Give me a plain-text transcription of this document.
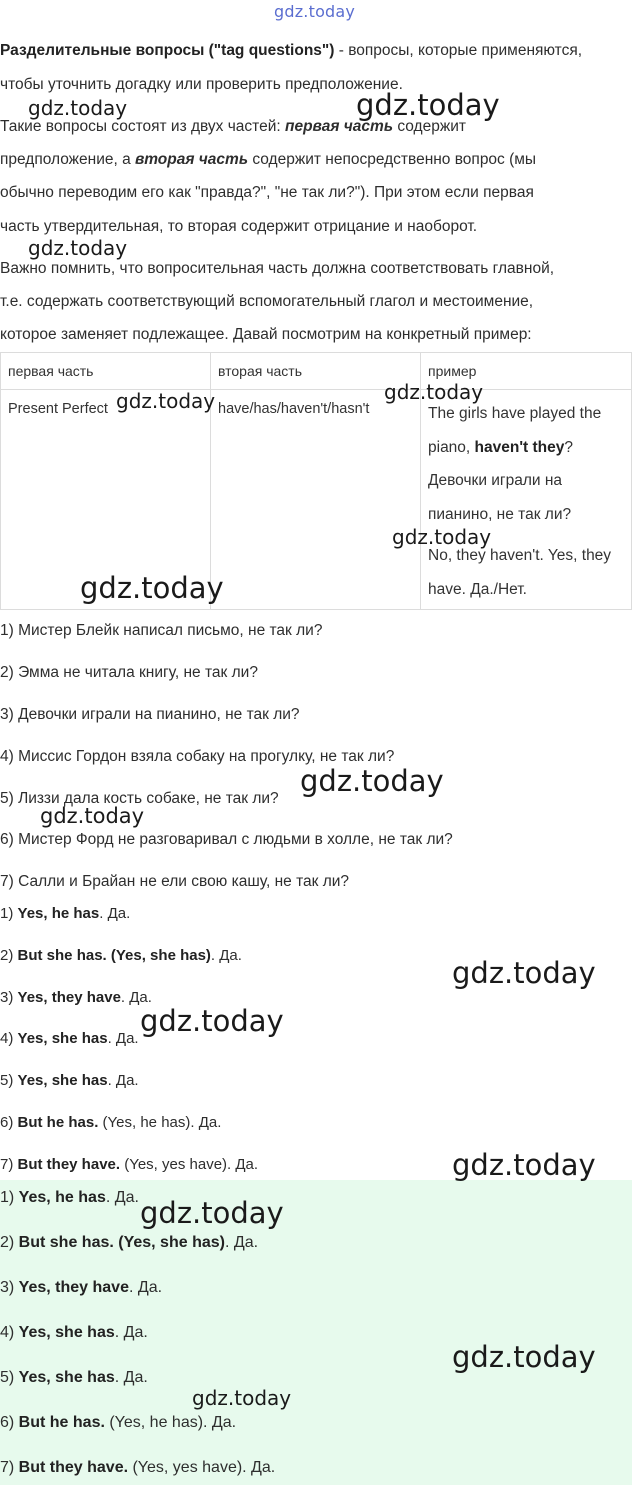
gdz.today
Разделительные вопросы ("tag questions") - вопросы, которые применяются,
чтобы уточнить догадку или проверить предположение.
Такие вопросы состоят из двух частей: первая часть содержит
предположение, а вторая часть содержит непосредственно вопрос (мы
обычно переводим его как "правда?", "не так ли?"). При этом если первая
часть утвердительная, то вторая содержит отрицание и наоборот.
Важно помнить, что вопросительная часть должна соответствовать главной,
т.е. содержать соответствующий вспомогательный глагол и местоимение,
которое заменяет подлежащее. Давай посмотрим на конкретный пример:
первая часть	вторая часть	пример
Present Perfect	have/has/haven't/hasn't	The girls have played the
piano, haven't they?
Девочки играли на
пианино, не так ли?
No, they haven't. Yes, they
have. Да./Нет.
1) Мистер Блейк написал письмо, не так ли?
2) Эмма не читала книгу, не так ли?
3) Девочки играли на пианино, не так ли?
4) Миссис Гордон взяла собаку на прогулку, не так ли?
5) Лиззи дала кость собаке, не так ли?
6) Мистер Форд не разговаривал с людьми в холле, не так ли?
7) Салли и Брайан не ели свою кашу, не так ли?
1) Yes, he has. Да.
2) But she has. (Yes, she has). Да.
3) Yes, they have. Да.
4) Yes, she has. Да.
5) Yes, she has. Да.
6) But he has. (Yes, he has). Да.
7) But they have. (Yes, yes have). Да.
1) Yes, he has. Да.
2) But she has. (Yes, she has). Да.
3) Yes, they have. Да.
4) Yes, she has. Да.
5) Yes, she has. Да.
6) But he has. (Yes, he has). Да.
7) But they have. (Yes, yes have). Да.
gdz.today	gdz.today
gdz.today
gdz.today
gdz.today
gdz.today
gdz.today
gdz.today
gdz.today
gdz.today
gdz.today
gdz.today
gdz.today
gdz.today
gdz.today
